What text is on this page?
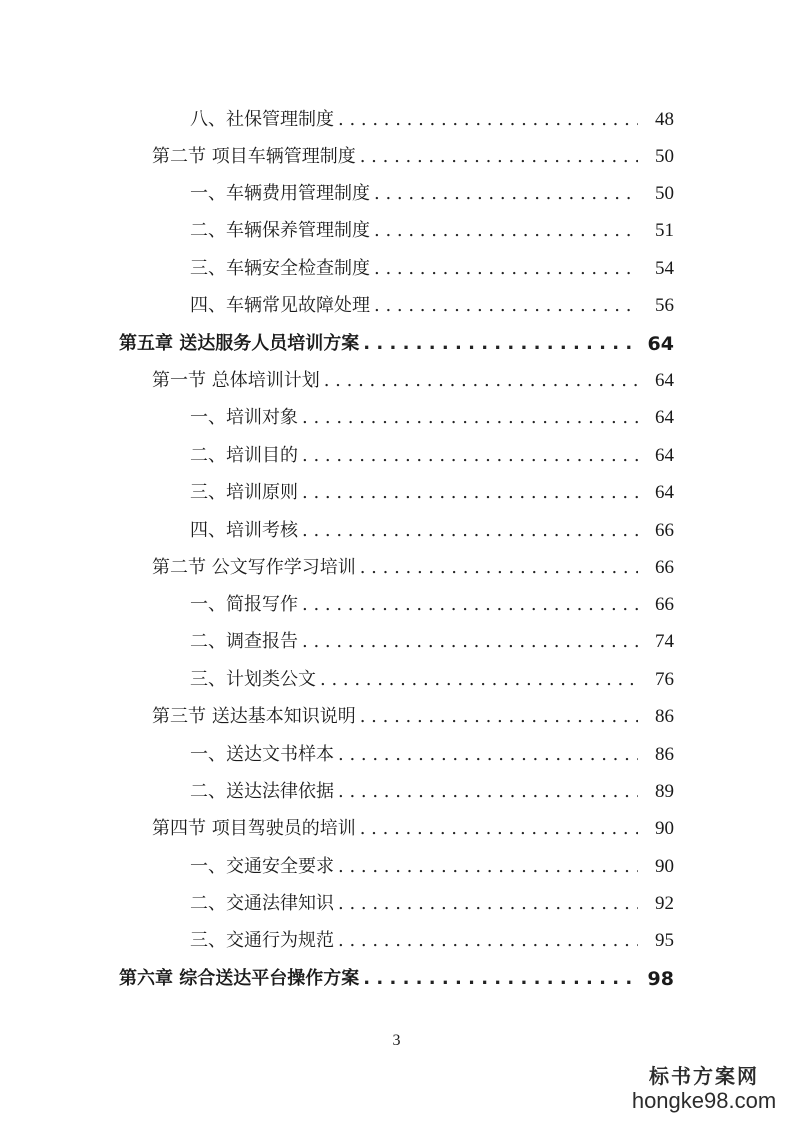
八、社保管理制度 . . .	48
第二节 项目车辆管理制度 . . .	50
一、车辆费用管理制度 . . .	50
二、车辆保养管理制度 . . .	51
三、车辆安全检查制度 . . .	54
四、车辆常见故障处理 . . .	56
第五章 送达服务人员培训方案 . . .	64
第一节 总体培训计划 . . .	64
一、培训对象 . . .	64
二、培训目的 . . .	64
三、培训原则 . . .	64
四、培训考核 . . .	66
第二节 公文写作学习培训 . . .	66
一、简报写作 . . .	66
二、调查报告 . . .	74
三、计划类公文 . . .	76
第三节 送达基本知识说明 . . .	86
一、送达文书样本 . . .	86
二、送达法律依据 . . .	89
第四节 项目驾驶员的培训 . . .	90
一、交通安全要求 . . .	90
二、交通法律知识 . . .	92
三、交通行为规范 . . .	95
第六章 综合送达平台操作方案 . . .	98
3
标书方案网
hongke98.com
